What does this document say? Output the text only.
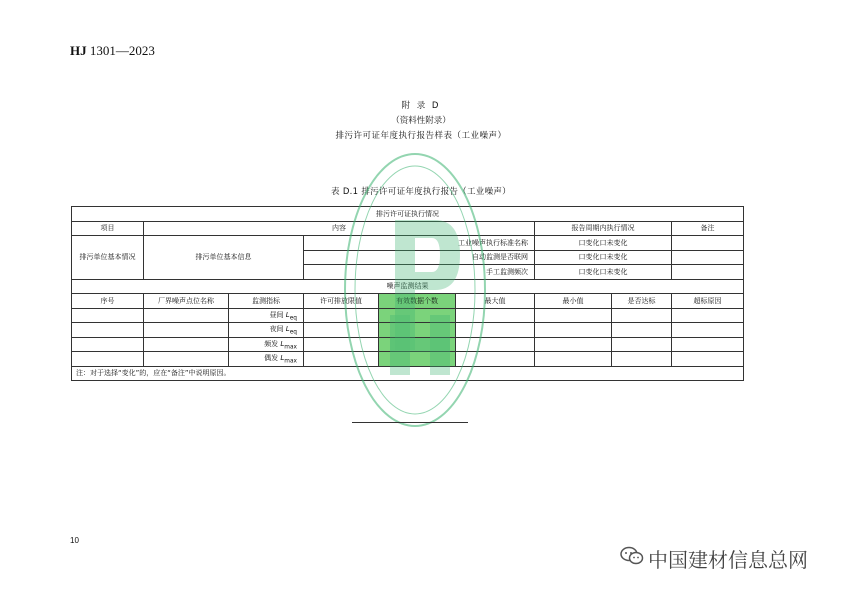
HJ 1301—2023
附 录 D
（资料性附录）
排污许可证年度执行报告样表（工业噪声）
表 D.1 排污许可证年度执行报告（工业噪声）
排污许可证执行情况								
项目	内容					报告周期内执行情况		备注
排污单位基本情况	排污单位基本信息		工业噪声执行标准名称			口变化口未变化		
			自动监测是否联网			口变化口未变化		
			手工监测频次			口变化口未变化		
噪声监测结果								
序号	厂界噪声点位名称	监测指标	许可排放限值	有效数据个数	最大值	最小值	是否达标	超标原因
		昼间 $L_{eq}$						
		夜间 $L_{eq}$						
		频发 $L_{max}$						
		偶发 $L_{max}$						
注：对于选择“变化”的，应在“备注”中说明原因。								
10
中国建材信息总网
